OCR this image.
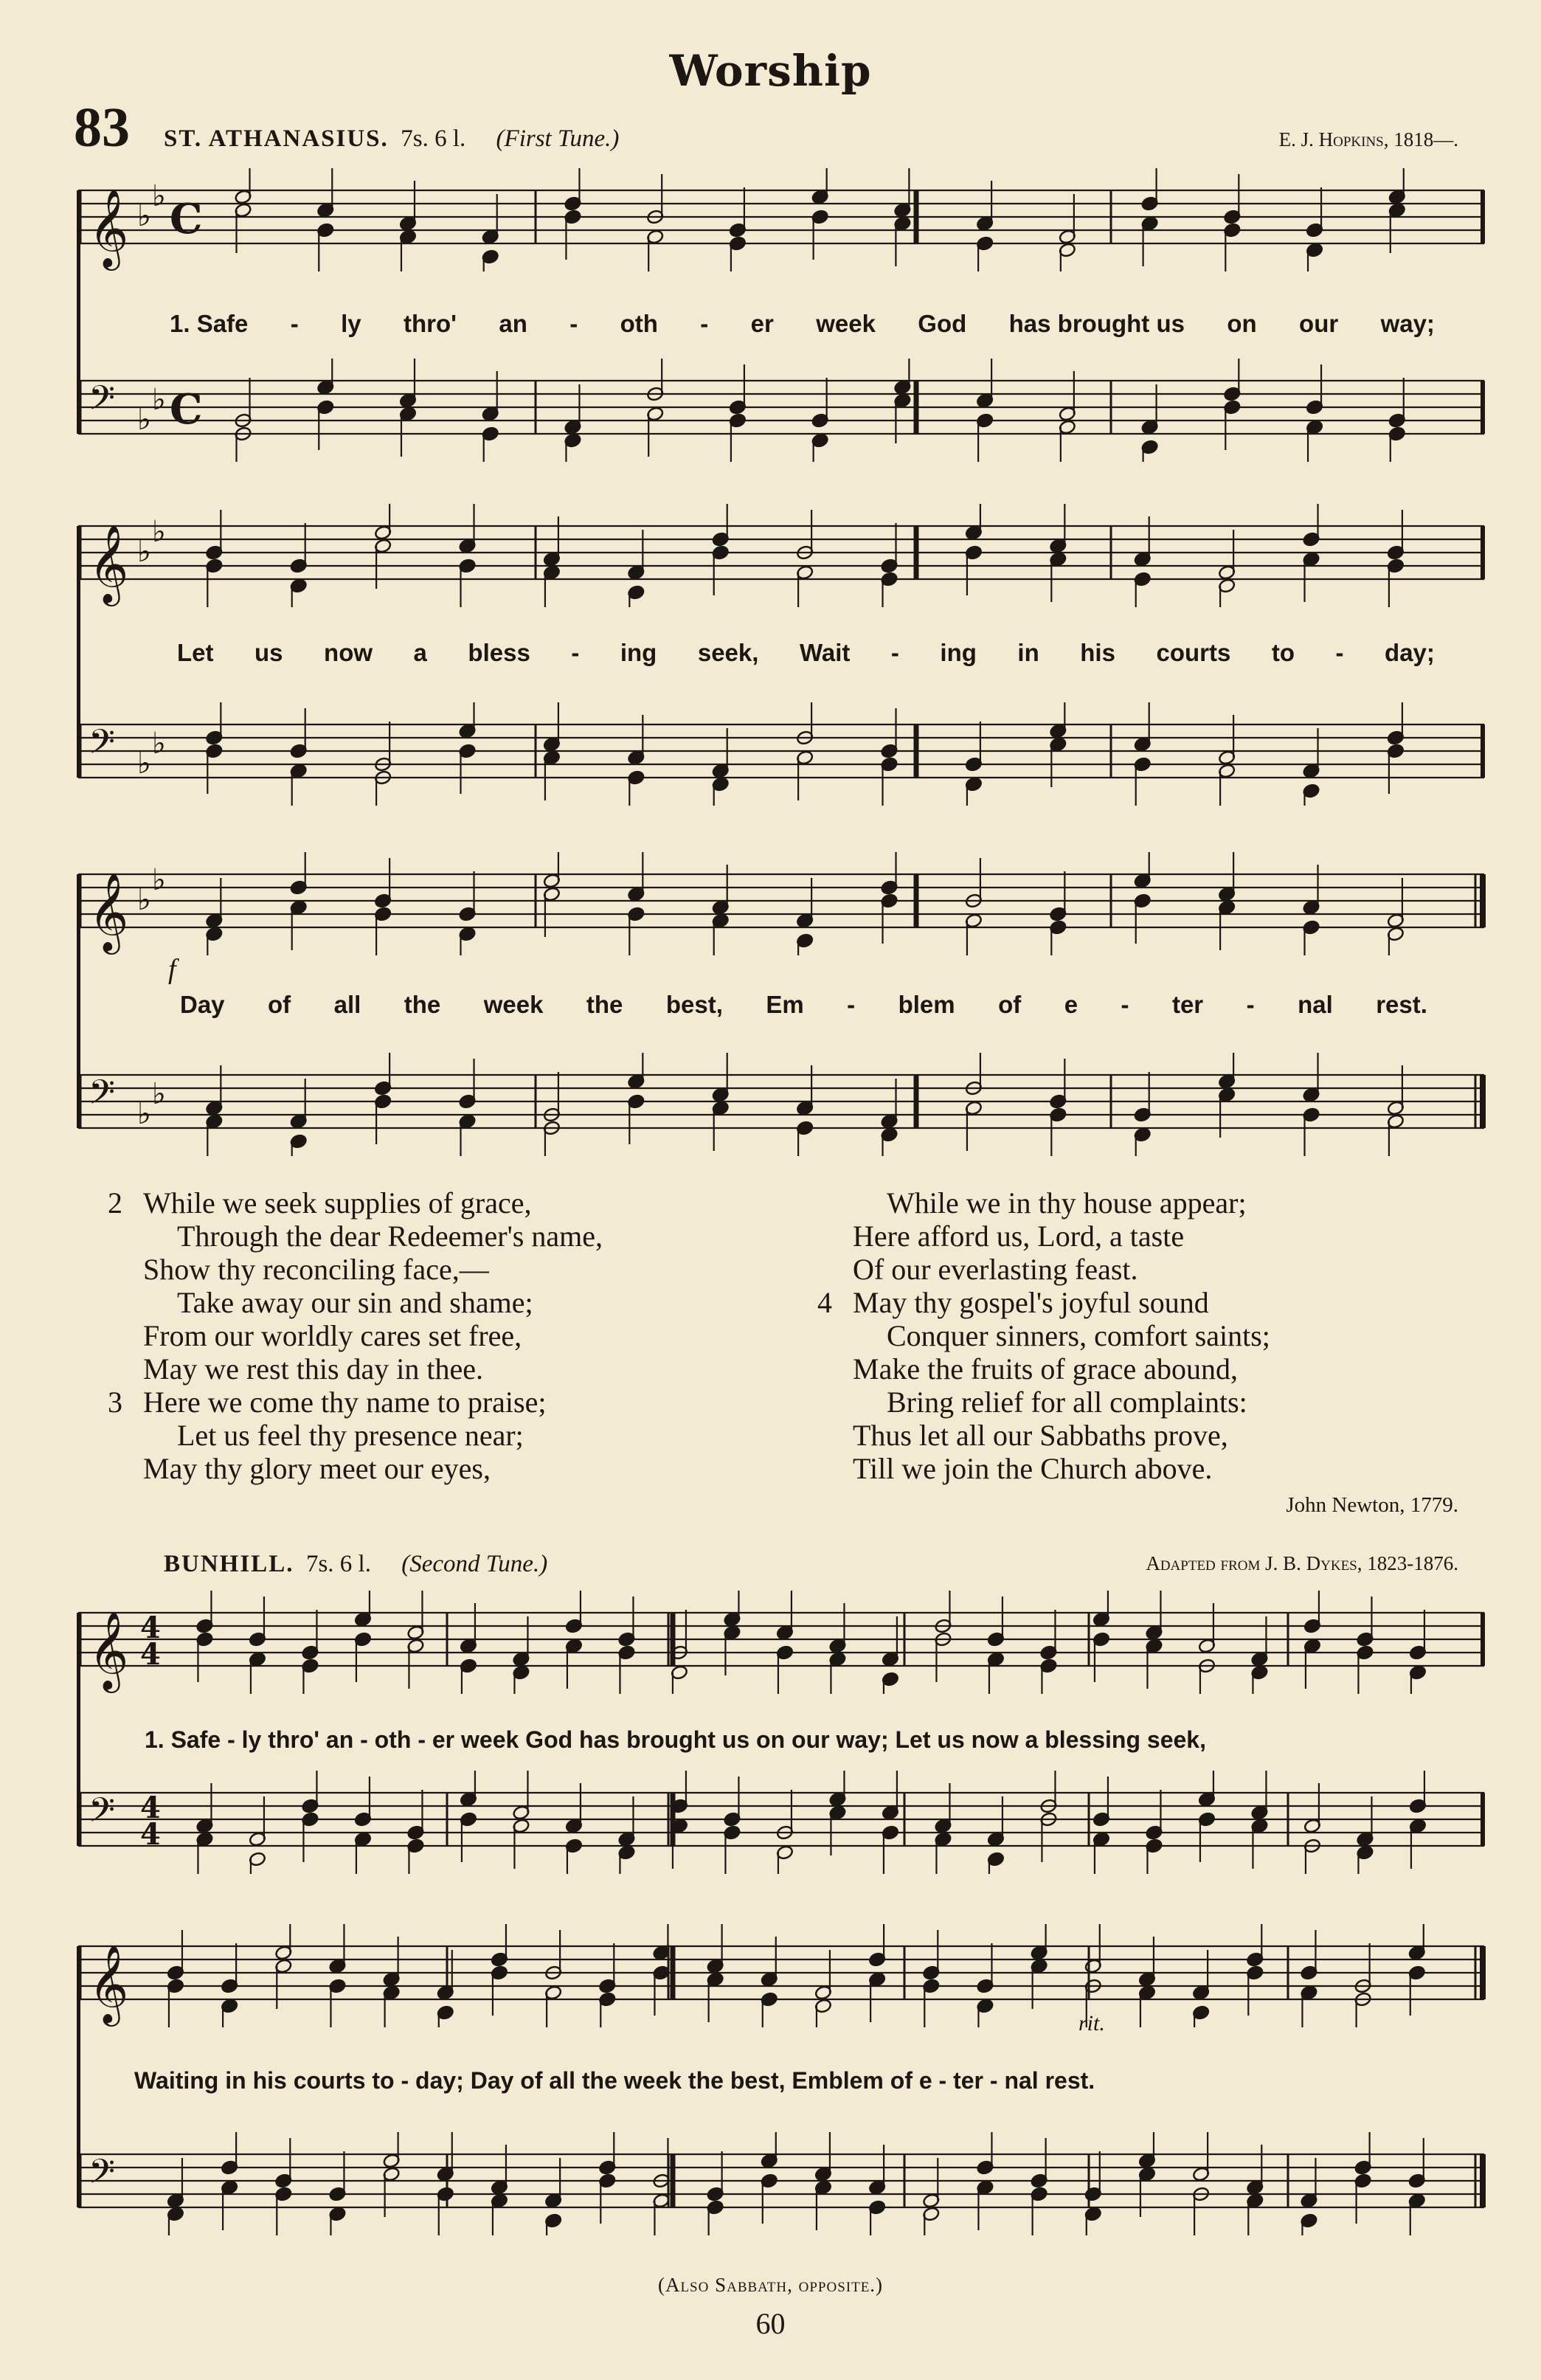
Worship
83 ST. ATHANASIUS. 7s. 6 l. (First Tune.)	E. J. Hopkins, 1818—.
𝄞 ♭
♭ C
𝄢 ♭
♭ C
𝄞 ♭
♭
𝄢 ♭
♭
𝄞 ♭
♭
𝄢 ♭
♭
1. Safe - ly thro' an - oth - er week God has brought us on our way;
Let us now a bless - ing seek, Wait - ing in his courts to - day;
Day of all the week the best, Em - blem of e - ter - nal rest.
f
2 While we seek supplies of grace,
Through the dear Redeemer's name,
Show thy reconciling face,—
Take away our sin and shame;
From our worldly cares set free,
May we rest this day in thee.
3 Here we come thy name to praise;
Let us feel thy presence near;
May thy glory meet our eyes,
While we in thy house appear;
Here afford us, Lord, a taste
Of our everlasting feast.
4 May thy gospel's joyful sound
Conquer sinners, comfort saints;
Make the fruits of grace abound,
Bring relief for all complaints:
Thus let all our Sabbaths prove,
Till we join the Church above.
John Newton, 1779.
BUNHILL. 7s. 6 l. (Second Tune.)	Adapted from J. B. Dykes, 1823-1876.
𝄞 4
4
𝄢 4
4
𝄞
𝄢
1. Safe - ly thro' an - oth - er week God has brought us on our way; Let us now a blessing seek,
Waiting in his courts to - day; Day of all the week the best, Emblem of e - ter - nal rest.
rit.
(Also Sabbath, opposite.)
60
